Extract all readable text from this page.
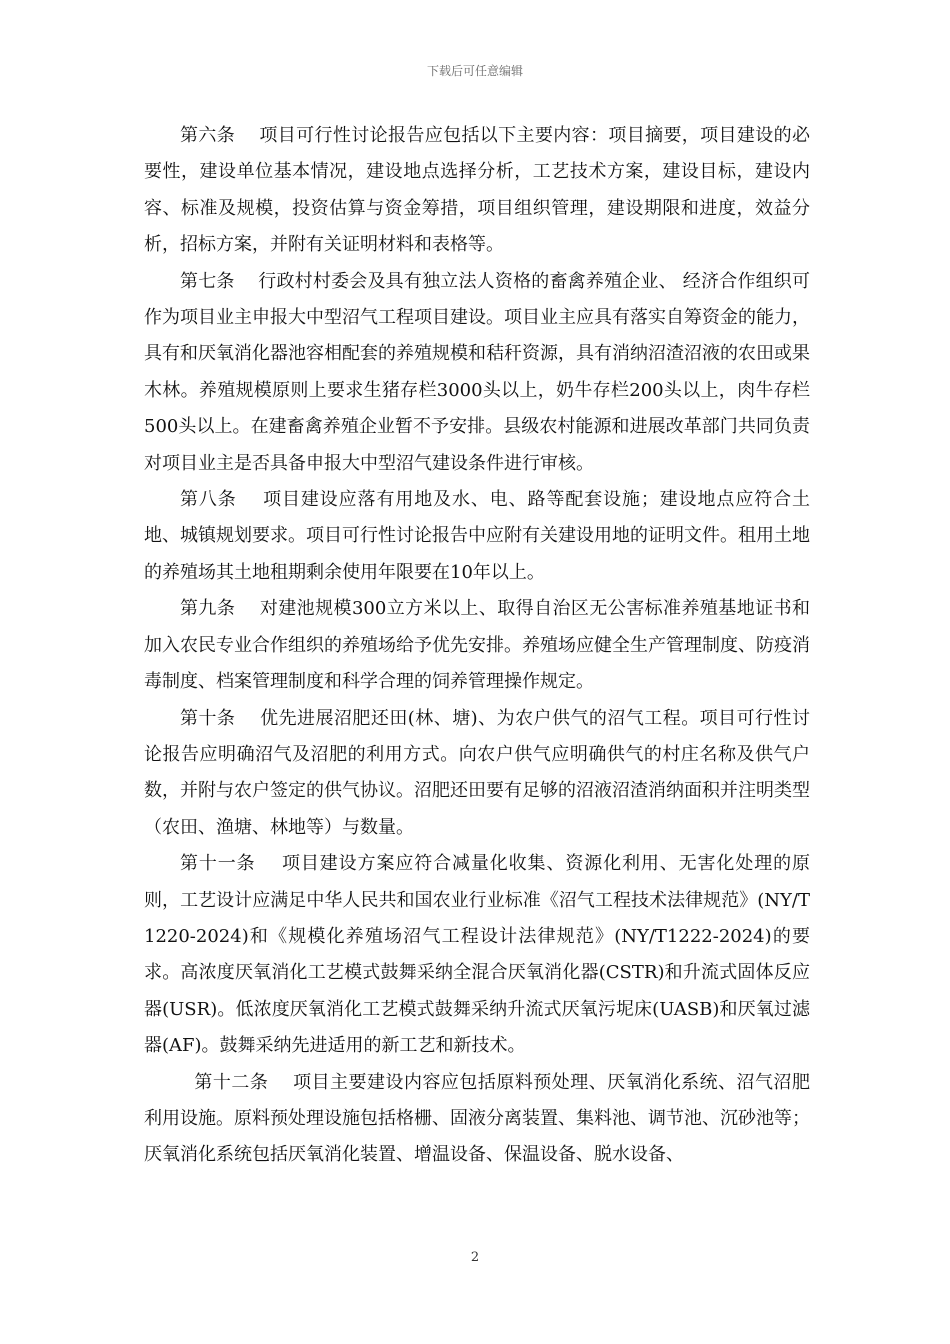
下载后可任意编辑

第六条    项目可行性讨论报告应包括以下主要内容：项目摘要，项目建设的必要性，建设单位基本情况，建设地点选择分析，工艺技术方案，建设目标，建设内容、标准及规模，投资估算与资金筹措，项目组织管理，建设期限和进度，效益分析，招标方案，并附有关证明材料和表格等。

第七条    行政村村委会及具有独立法人资格的畜禽养殖企业、 经济合作组织可作为项目业主申报大中型沼气工程项目建设。项目业主应具有落实自筹资金的能力，具有和厌氧消化器池容相配套的养殖规模和秸秆资源，具有消纳沼渣沼液的农田或果木林。养殖规模原则上要求生猪存栏3000头以上，奶牛存栏200头以上，肉牛存栏500头以上。在建畜禽养殖企业暂不予安排。县级农村能源和进展改革部门共同负责对项目业主是否具备申报大中型沼气建设条件进行审核。

第八条    项目建设应落有用地及水、电、路等配套设施；建设地点应符合土地、城镇规划要求。项目可行性讨论报告中应附有关建设用地的证明文件。租用土地的养殖场其土地租期剩余使用年限要在10年以上。

第九条    对建池规模300立方米以上、取得自治区无公害标准养殖基地证书和加入农民专业合作组织的养殖场给予优先安排。养殖场应健全生产管理制度、防疫消毒制度、档案管理制度和科学合理的饲养管理操作规定。

第十条    优先进展沼肥还田(林、塘)、为农户供气的沼气工程。项目可行性讨论报告应明确沼气及沼肥的利用方式。向农户供气应明确供气的村庄名称及供气户数，并附与农户签定的供气协议。沼肥还田要有足够的沼液沼渣消纳面积并注明类型（农田、渔塘、林地等）与数量。

第十一条    项目建设方案应符合减量化收集、资源化利用、无害化处理的原则，工艺设计应满足中华人民共和国农业行业标准《沼气工程技术法律规范》(NY/T1220-2024)和《规模化养殖场沼气工程设计法律规范》(NY/T1222-2024)的要求。高浓度厌氧消化工艺模式鼓舞采纳全混合厌氧消化器(CSTR)和升流式固体反应器(USR)。低浓度厌氧消化工艺模式鼓舞采纳升流式厌氧污坭床(UASB)和厌氧过滤器(AF)。鼓舞采纳先进适用的新工艺和新技术。

第十二条    项目主要建设内容应包括原料预处理、厌氧消化系统、沼气沼肥利用设施。原料预处理设施包括格栅、固液分离装置、集料池、调节池、沉砂池等；厌氧消化系统包括厌氧消化装置、增温设备、保温设备、脱水设备、

2
